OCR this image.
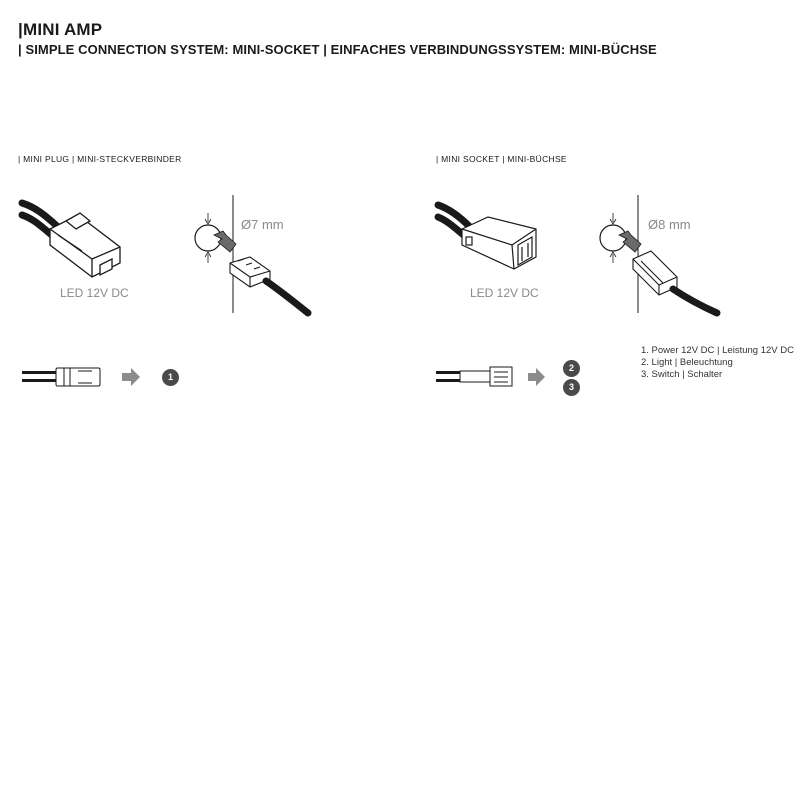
|MINI AMP
| SIMPLE CONNECTION SYSTEM: MINI-SOCKET | EINFACHES VERBINDUNGSSYSTEM: MINI-BÜCHSE
| MINI PLUG | MINI-STECKVERBINDER	| MINI SOCKET | MINI-BÜCHSE
LED 12V DC
Ø7 mm
1
LED 12V DC
Ø8 mm
2
3
1. Power 12V DC | Leistung 12V DC
2. Light | Beleuchtung
3. Switch | Schalter
